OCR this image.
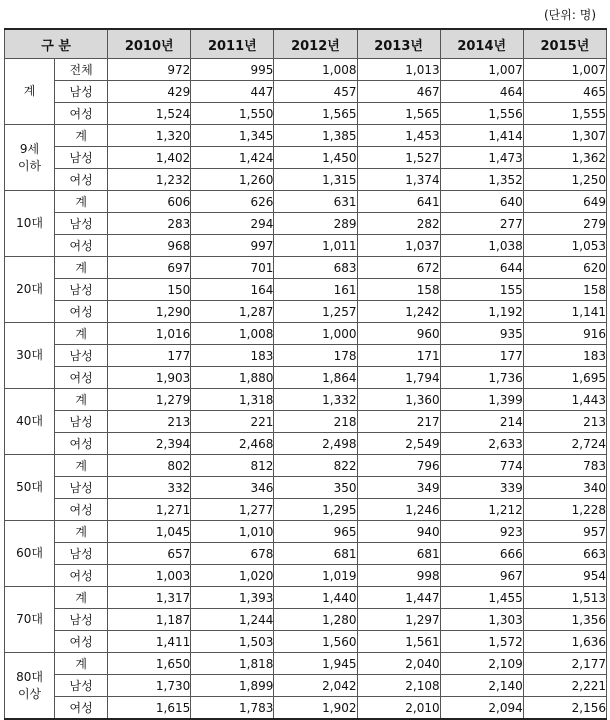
(단위: 명)
구 분		2010년	2011년	2012년	2013년	2014년	2015년
계	전체	972	995	1,008	1,013	1,007	1,007
	남성	429	447	457	467	464	465
	여성	1,524	1,550	1,565	1,565	1,556	1,555
9세
이하	계	1,320	1,345	1,385	1,453	1,414	1,307
	남성	1,402	1,424	1,450	1,527	1,473	1,362
	여성	1,232	1,260	1,315	1,374	1,352	1,250
10대	계	606	626	631	641	640	649
	남성	283	294	289	282	277	279
	여성	968	997	1,011	1,037	1,038	1,053
20대	계	697	701	683	672	644	620
	남성	150	164	161	158	155	158
	여성	1,290	1,287	1,257	1,242	1,192	1,141
30대	계	1,016	1,008	1,000	960	935	916
	남성	177	183	178	171	177	183
	여성	1,903	1,880	1,864	1,794	1,736	1,695
40대	계	1,279	1,318	1,332	1,360	1,399	1,443
	남성	213	221	218	217	214	213
	여성	2,394	2,468	2,498	2,549	2,633	2,724
50대	계	802	812	822	796	774	783
	남성	332	346	350	349	339	340
	여성	1,271	1,277	1,295	1,246	1,212	1,228
60대	계	1,045	1,010	965	940	923	957
	남성	657	678	681	681	666	663
	여성	1,003	1,020	1,019	998	967	954
70대	계	1,317	1,393	1,440	1,447	1,455	1,513
	남성	1,187	1,244	1,280	1,297	1,303	1,356
	여성	1,411	1,503	1,560	1,561	1,572	1,636
80대
이상	계	1,650	1,818	1,945	2,040	2,109	2,177
	남성	1,730	1,899	2,042	2,108	2,140	2,221
	여성	1,615	1,783	1,902	2,010	2,094	2,156
